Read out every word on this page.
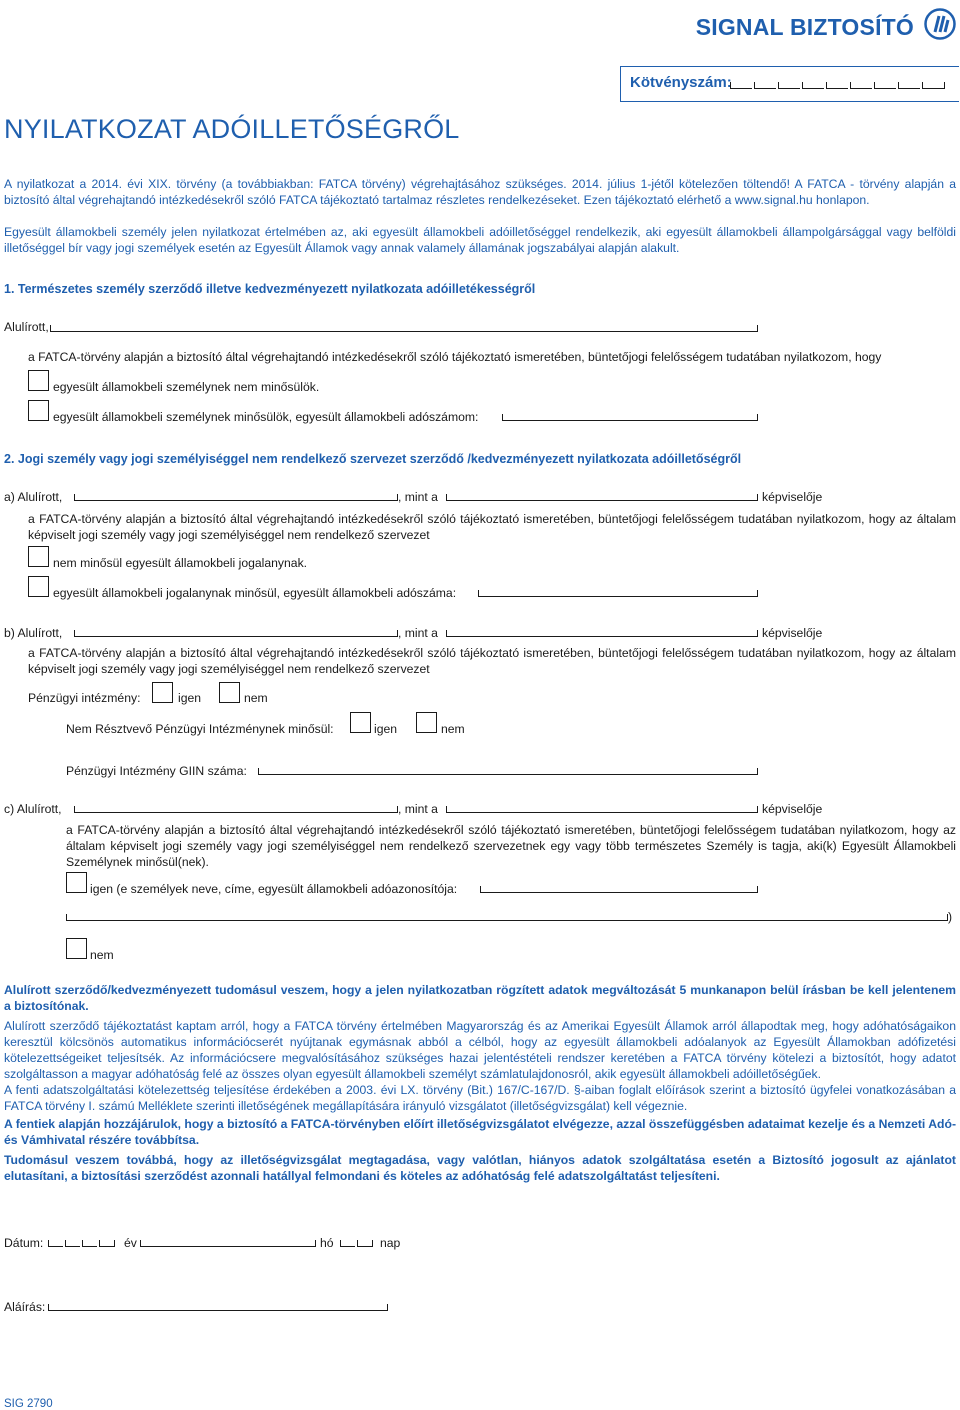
SIGNAL BIZTOSÍTÓ
Kötvényszám:
NYILATKOZAT ADÓILLETŐSÉGRŐL
A nyilatkozat a 2014. évi XIX. törvény (a továbbiakban: FATCA törvény) végrehajtásához szükséges. 2014. július 1-jétől kötelezően töltendő! A FATCA - törvény alapján a biztosító által végrehajtandó intézkedésekről szóló FATCA tájékoztató tartalmaz részletes rendelkezéseket. Ezen tájékoztató elérhető a www.signal.hu honlapon.
Egyesült államokbeli személy jelen nyilatkozat értelmében az, aki egyesült államokbeli adóilletőséggel rendelkezik, aki egyesült államokbeli állampolgársággal vagy belföldi illetőséggel bír vagy jogi személyek esetén az Egyesült Államok vagy annak valamely államának jogszabályai alapján alakult.
1. Természetes személy szerződő illetve kedvezményezett nyilatkozata adóilletékességről
Alulírott,
a FATCA-törvény alapján a biztosító által végrehajtandó intézkedésekről szóló tájékoztató ismeretében, büntetőjogi felelősségem tudatában nyilatkozom, hogy
egyesült államokbeli személynek nem minősülök.
egyesült államokbeli személynek minősülök, egyesült államokbeli adószámom:
2. Jogi személy vagy jogi személyiséggel nem rendelkező szervezet szerződő /kedvezményezett nyilatkozata adóilletőségről
a) Alulírott,	, mint a	képviselője
a FATCA-törvény alapján a biztosító által végrehajtandó intézkedésekről szóló tájékoztató ismeretében, büntetőjogi felelősségem tudatában nyilatkozom, hogy az általam képviselt jogi személy vagy jogi személyiséggel nem rendelkező szervezet
nem minősül egyesült államokbeli jogalanynak.
egyesült államokbeli jogalanynak minősül, egyesült államokbeli adószáma:
b) Alulírott,	, mint a	képviselője
a FATCA-törvény alapján a biztosító által végrehajtandó intézkedésekről szóló tájékoztató ismeretében, büntetőjogi felelősségem tudatában nyilatkozom, hogy az általam képviselt jogi személy vagy jogi személyiséggel nem rendelkező szervezet
Pénzügyi intézmény:	igen	nem
Nem Résztvevő Pénzügyi Intézménynek minősül:	igen	nem
Pénzügyi Intézmény GIIN száma:
c) Alulírott,	, mint a	képviselője
a FATCA-törvény alapján a biztosító által végrehajtandó intézkedésekről szóló tájékoztató ismeretében, büntetőjogi felelősségem tudatában nyilatkozom, hogy az általam képviselt jogi személy vagy jogi személyiséggel nem rendelkező szervezetnek egy vagy több természetes Személy is tagja, aki(k) Egyesült Államokbeli Személynek minősül(nek).
igen (e személyek neve, címe, egyesült államokbeli adóazonosítója:
)
nem
Alulírott szerződő/kedvezményezett tudomásul veszem, hogy a jelen nyilatkozatban rögzített adatok megváltozását 5 munkanapon belül írásban be kell jelentenem a biztosítónak.
Alulírott szerződő tájékoztatást kaptam arról, hogy a FATCA törvény értelmében Magyarország és az Amerikai Egyesült Államok arról állapodtak meg, hogy adóhatóságaikon keresztül kölcsönös automatikus információcserét nyújtanak egymásnak abból a célból, hogy az egyesült államokbeli adóalanyok az Egyesült Államokban adófizetési kötelezettségeiket teljesítsék. Az információcsere megvalósításához szükséges hazai jelentéstételi rendszer keretében a FATCA törvény kötelezi a biztosítót, hogy adatot szolgáltasson a magyar adóhatóság felé az összes olyan egyesült államokbeli személyt számlatulajdonosról, akik egyesült államokbeli adóilletőségűek.
A fenti adatszolgáltatási kötelezettség teljesítése érdekében a 2003. évi LX. törvény (Bit.) 167/C-167/D. §-aiban foglalt előírások szerint a biztosító ügyfelei vonatkozásában a FATCA törvény I. számú Melléklete szerinti illetőségének megállapítására irányuló vizsgálatot (illetőségvizsgálat) kell végeznie.
A fentiek alapján hozzájárulok, hogy a biztosító a FATCA-törvényben előírt illetőségvizsgálatot elvégezze, azzal összefüggésben adataimat kezelje és a Nemzeti Adó- és Vámhivatal részére továbbítsa.
Tudomásul veszem továbbá, hogy az illetőségvizsgálat megtagadása, vagy valótlan, hiányos adatok szolgáltatása esetén a Biztosító jogosult az ajánlatot elutasítani, a biztosítási szerződést azonnali hatállyal felmondani és köteles az adóhatóság felé adatszolgáltatást teljesíteni.
Dátum:	év	hó	nap
Aláírás:
SIG 2790
